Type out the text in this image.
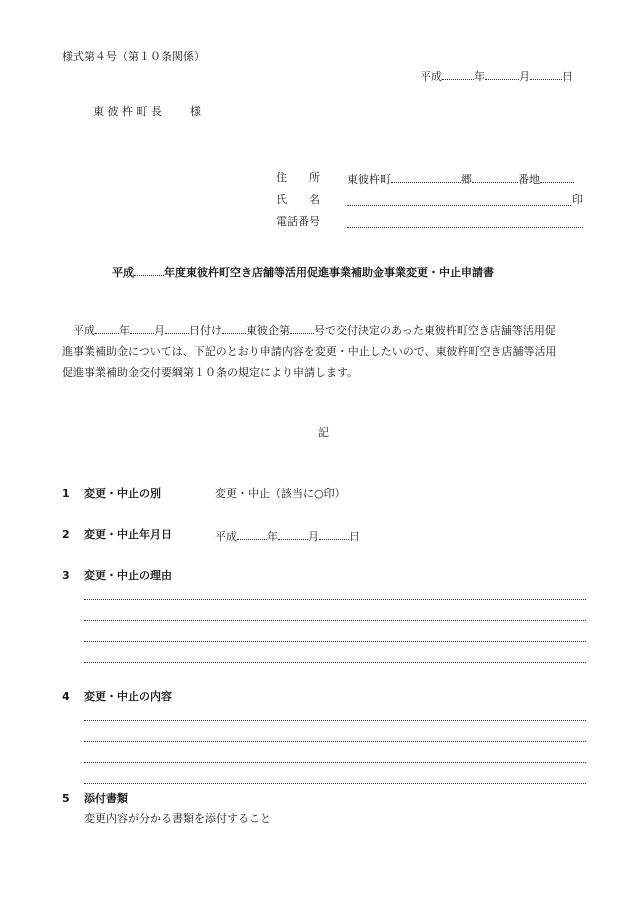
様式第４号（第１０条関係）
平成	年	月	日
東 彼 杵 町 長	様
住　　所 東彼杵町	郷	番地
氏　　名	印
電話番号
平成	年度東彼杵町空き店舗等活用促進事業補助金事業変更・中止申請書
平成 年 月 日付け 東彼企第 号で交付決定のあった東彼杵町空き店舗等活用促
進事業補助金については、下記のとおり申請内容を変更・中止したいので、東彼杵町空き店舗等活用
促進事業補助金交付要綱第１０条の規定により申請します。
記
1 変更・中止の別	変更・中止（該当に○印）
2 変更・中止年月日	平成	年	月	日
3 変更・中止の理由
4 変更・中止の内容
5 添付書類
変更内容が分かる書類を添付すること
